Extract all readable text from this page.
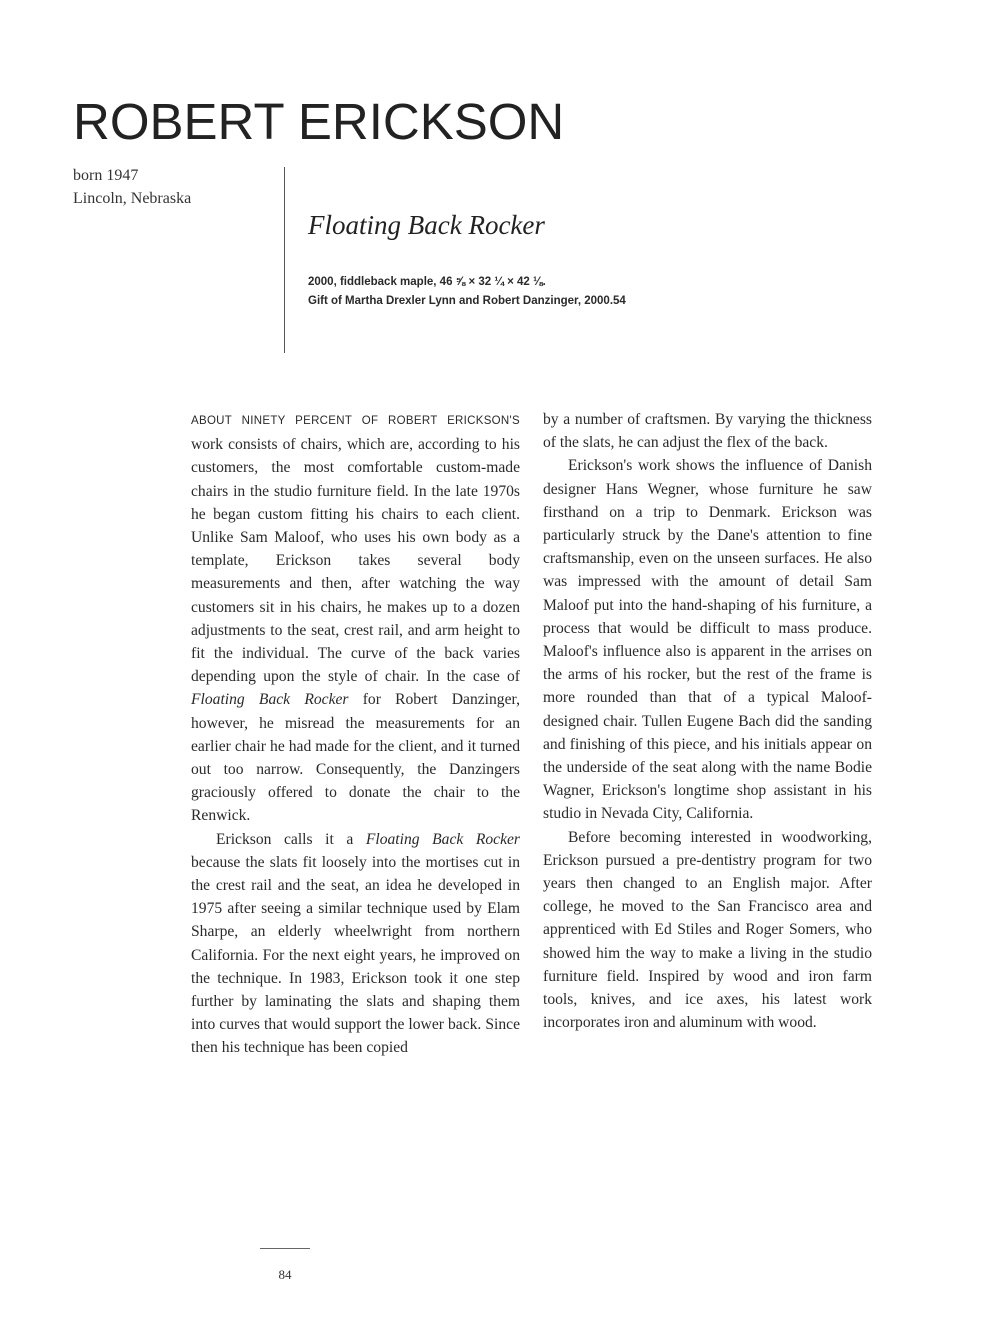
ROBERT ERICKSON
born 1947
Lincoln, Nebraska
Floating Back Rocker
2000, fiddleback maple, 46 ⅝ × 32 ¼ × 42 ⅛.
Gift of Martha Drexler Lynn and Robert Danzinger, 2000.54

ABOUT NINETY PERCENT OF ROBERT ERICKSON'S work consists of chairs, which are, according to his customers, the most comfortable custom-made chairs in the studio furniture field. In the late 1970s he began custom fitting his chairs to each client. Unlike Sam Maloof, who uses his own body as a template, Erickson takes several body measurements and then, after watching the way customers sit in his chairs, he makes up to a dozen adjustments to the seat, crest rail, and arm height to fit the individual. The curve of the back varies depending upon the style of chair. In the case of Floating Back Rocker for Robert Danzinger, however, he misread the measurements for an earlier chair he had made for the client, and it turned out too narrow. Consequently, the Danzingers graciously offered to donate the chair to the Renwick.

Erickson calls it a Floating Back Rocker because the slats fit loosely into the mortises cut in the crest rail and the seat, an idea he developed in 1975 after seeing a similar technique used by Elam Sharpe, an elderly wheelwright from northern California. For the next eight years, he improved on the technique. In 1983, Erickson took it one step further by laminating the slats and shaping them into curves that would support the lower back. Since then his technique has been copied

by a number of craftsmen. By varying the thickness of the slats, he can adjust the flex of the back.

Erickson's work shows the influence of Danish designer Hans Wegner, whose furniture he saw firsthand on a trip to Denmark. Erickson was particularly struck by the Dane's attention to fine craftsmanship, even on the unseen surfaces. He also was impressed with the amount of detail Sam Maloof put into the hand-shaping of his furniture, a process that would be difficult to mass produce. Maloof's influence also is apparent in the arrises on the arms of his rocker, but the rest of the frame is more rounded than that of a typical Maloof-designed chair. Tullen Eugene Bach did the sanding and finishing of this piece, and his initials appear on the underside of the seat along with the name Bodie Wagner, Erickson's longtime shop assistant in his studio in Nevada City, California.

Before becoming interested in woodworking, Erickson pursued a pre-dentistry program for two years then changed to an English major. After college, he moved to the San Francisco area and apprenticed with Ed Stiles and Roger Somers, who showed him the way to make a living in the studio furniture field. Inspired by wood and iron farm tools, knives, and ice axes, his latest work incorporates iron and aluminum with wood.

84
